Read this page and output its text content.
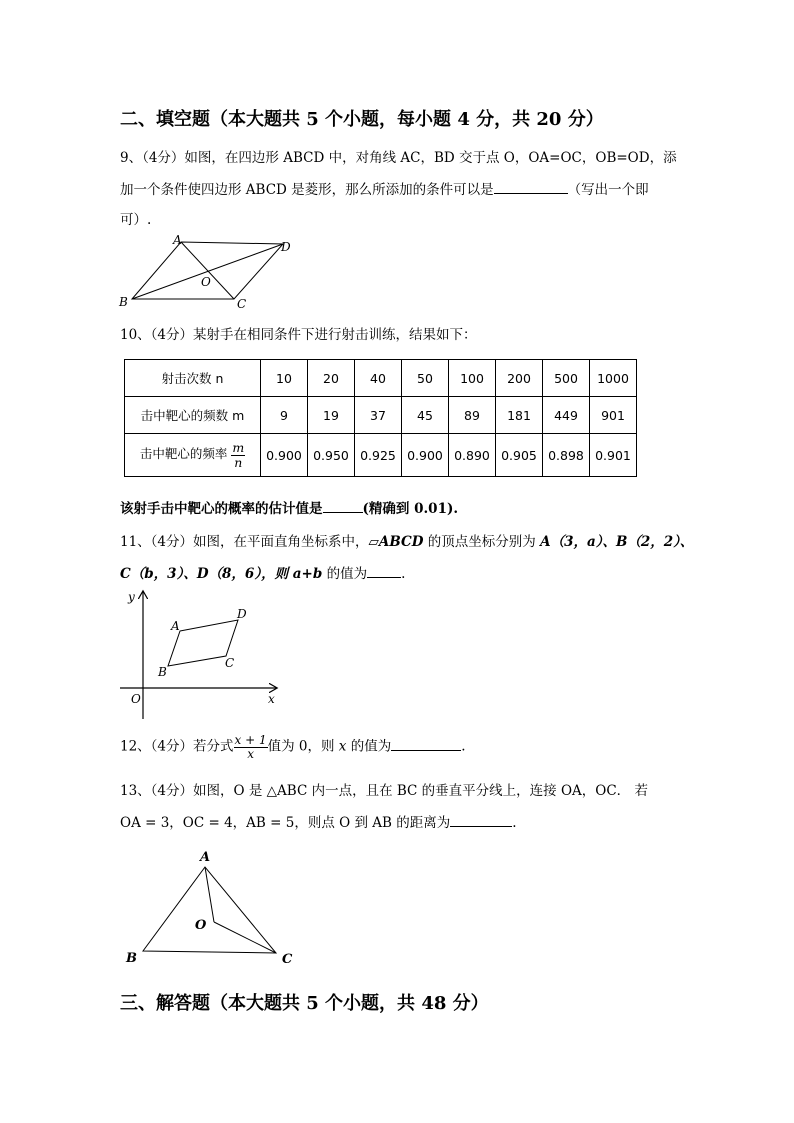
二、填空题（本大题共 5 个小题，每小题 4 分，共 20 分）
9、（4分）如图，在四边形 ABCD 中，对角线 AC，BD 交于点 O，OA=OC，OB=OD，添
加一个条件使四边形 ABCD 是菱形，那么所添加的条件可以是	（写出一个即
可）.
A
B	C
D
O
10、（4分）某射手在相同条件下进行射击训练，结果如下：
射击次数 n	10	20	40	50	100	200	500	1000
击中靶心的频数 m	9	19	37	45	89	181	449	901
击中靶心的频率 $\frac{m}{n}$	0.900	0.950	0.925	0.900	0.890	0.905	0.898	0.901
该射手击中靶心的概率的估计值是	(精确到 0.01).
11、（4分）如图，在平面直角坐标系中，▱ABCD 的顶点坐标分别为 A（3，a）、B（2，2）、
C（b，3）、D（8，6），则 a+b 的值为	.
y
x
O
A
B
C
D
12、（4分）若分式 $\frac{x + 1}{x}$ 值为 0，则 x 的值为	.
13、（4分）如图，O 是 △ABC 内一点，且在 BC 的垂直平分线上，连接 OA，OC． 若
OA = 3，OC = 4，AB = 5，则点 O 到 AB 的距离为	.
A
B	C
O
三、解答题（本大题共 5 个小题，共 48 分）
